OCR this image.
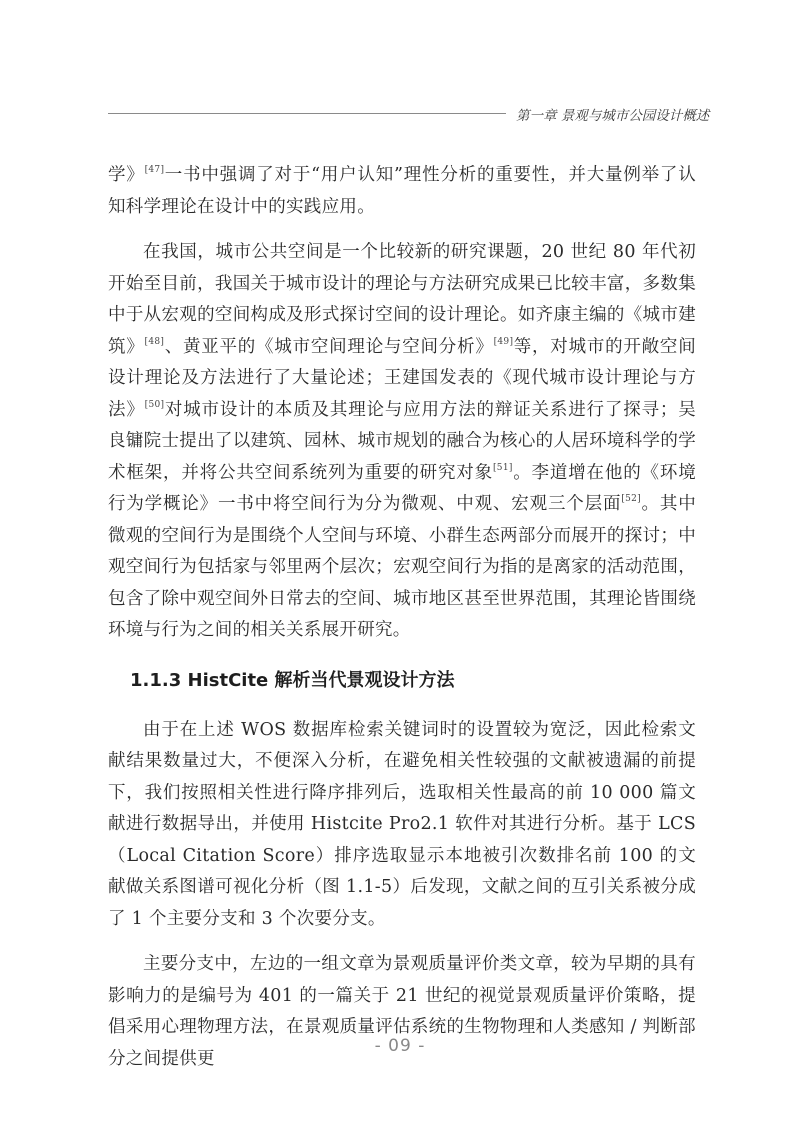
第一章 景观与城市公园设计概述

学》[47]一书中强调了对于“用户认知”理性分析的重要性，并大量例举了认知科学理论在设计中的实践应用。

在我国，城市公共空间是一个比较新的研究课题，20 世纪 80 年代初开始至目前，我国关于城市设计的理论与方法研究成果已比较丰富，多数集中于从宏观的空间构成及形式探讨空间的设计理论。如齐康主编的《城市建筑》[48]、黄亚平的《城市空间理论与空间分析》[49]等，对城市的开敞空间设计理论及方法进行了大量论述；王建国发表的《现代城市设计理论与方法》[50]对城市设计的本质及其理论与应用方法的辩证关系进行了探寻；吴良镛院士提出了以建筑、园林、城市规划的融合为核心的人居环境科学的学术框架，并将公共空间系统列为重要的研究对象[51]。李道增在他的《环境行为学概论》一书中将空间行为分为微观、中观、宏观三个层面[52]。其中微观的空间行为是围绕个人空间与环境、小群生态两部分而展开的探讨；中观空间行为包括家与邻里两个层次；宏观空间行为指的是离家的活动范围，包含了除中观空间外日常去的空间、城市地区甚至世界范围，其理论皆围绕环境与行为之间的相关关系展开研究。

1.1.3 HistCite 解析当代景观设计方法

由于在上述 WOS 数据库检索关键词时的设置较为宽泛，因此检索文献结果数量过大，不便深入分析，在避免相关性较强的文献被遗漏的前提下，我们按照相关性进行降序排列后，选取相关性最高的前 10 000 篇文献进行数据导出，并使用 Histcite Pro2.1 软件对其进行分析。基于 LCS（Local Citation Score）排序选取显示本地被引次数排名前 100 的文献做关系图谱可视化分析（图 1.1-5）后发现，文献之间的互引关系被分成了 1 个主要分支和 3 个次要分支。

主要分支中，左边的一组文章为景观质量评价类文章，较为早期的具有影响力的是编号为 401 的一篇关于 21 世纪的视觉景观质量评价策略，提倡采用心理物理方法，在景观质量评估系统的生物物理和人类感知 / 判断部分之间提供更

- 09 -
